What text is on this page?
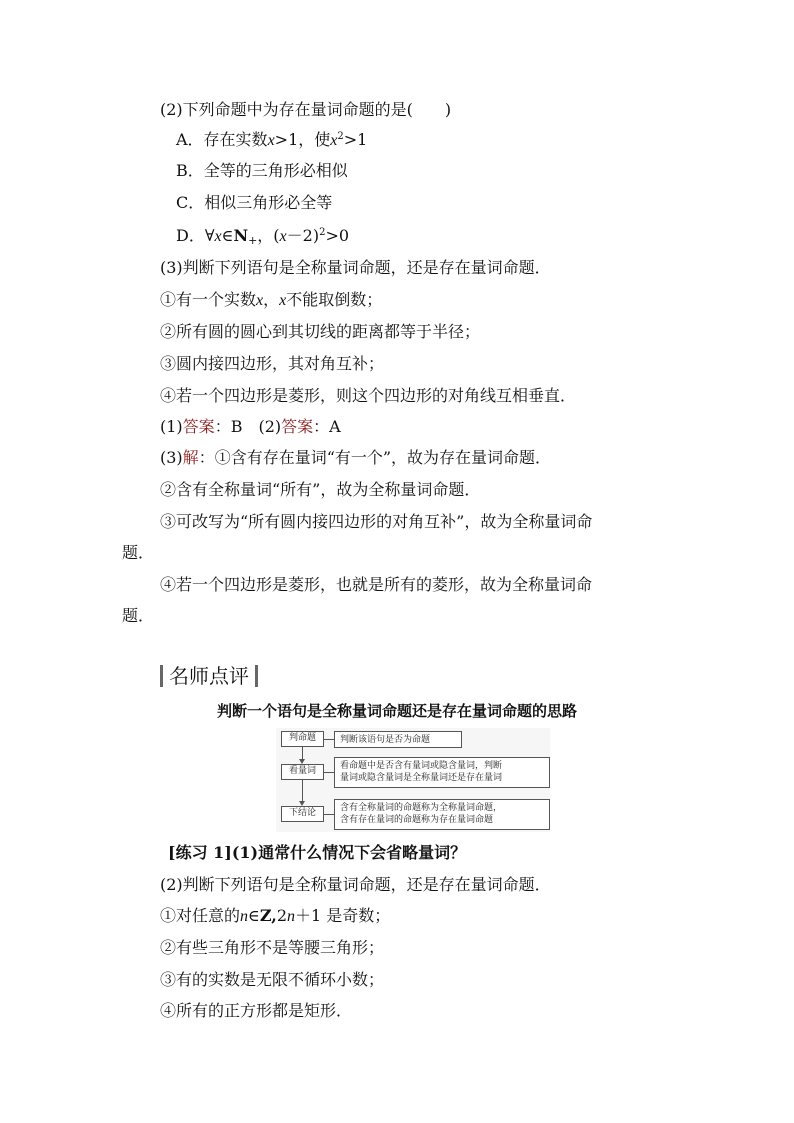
(2)下列命题中为存在量词命题的是(　　)
A．存在实数x>1，使$x^2>1$
B．全等的三角形必相似
C．相似三角形必全等
D．$\forall x\in N_+$，$(x-2)^2>0$
(3)判断下列语句是全称量词命题，还是存在量词命题．
①有一个实数x，x不能取倒数；
②所有圆的圆心到其切线的距离都等于半径；
③圆内接四边形，其对角互补；
④若一个四边形是菱形，则这个四边形的对角线互相垂直．
(1)答案：B　(2)答案：A
(3)解：①含有存在量词“有一个”，故为存在量词命题．
②含有全称量词“所有”，故为全称量词命题．
③可改写为“所有圆内接四边形的对角互补”，故为全称量词命
题．
④若一个四边形是菱形，也就是所有的菱形，故为全称量词命
题．
名师点评
判断一个语句是全称量词命题还是存在量词命题的思路
判命题
看量词
下结论
判断该语句是否为命题
看命题中是否含有量词或隐含量词，判断
量词或隐含量词是全称量词还是存在量词
含有全称量词的命题称为全称量词命题，
含有存在量词的命题称为存在量词命题
[练习 1](1)通常什么情况下会省略量词？
(2)判断下列语句是全称量词命题，还是存在量词命题．
①对任意的n∈Z,2n＋1 是奇数；
②有些三角形不是等腰三角形；
③有的实数是无限不循环小数；
④所有的正方形都是矩形．
